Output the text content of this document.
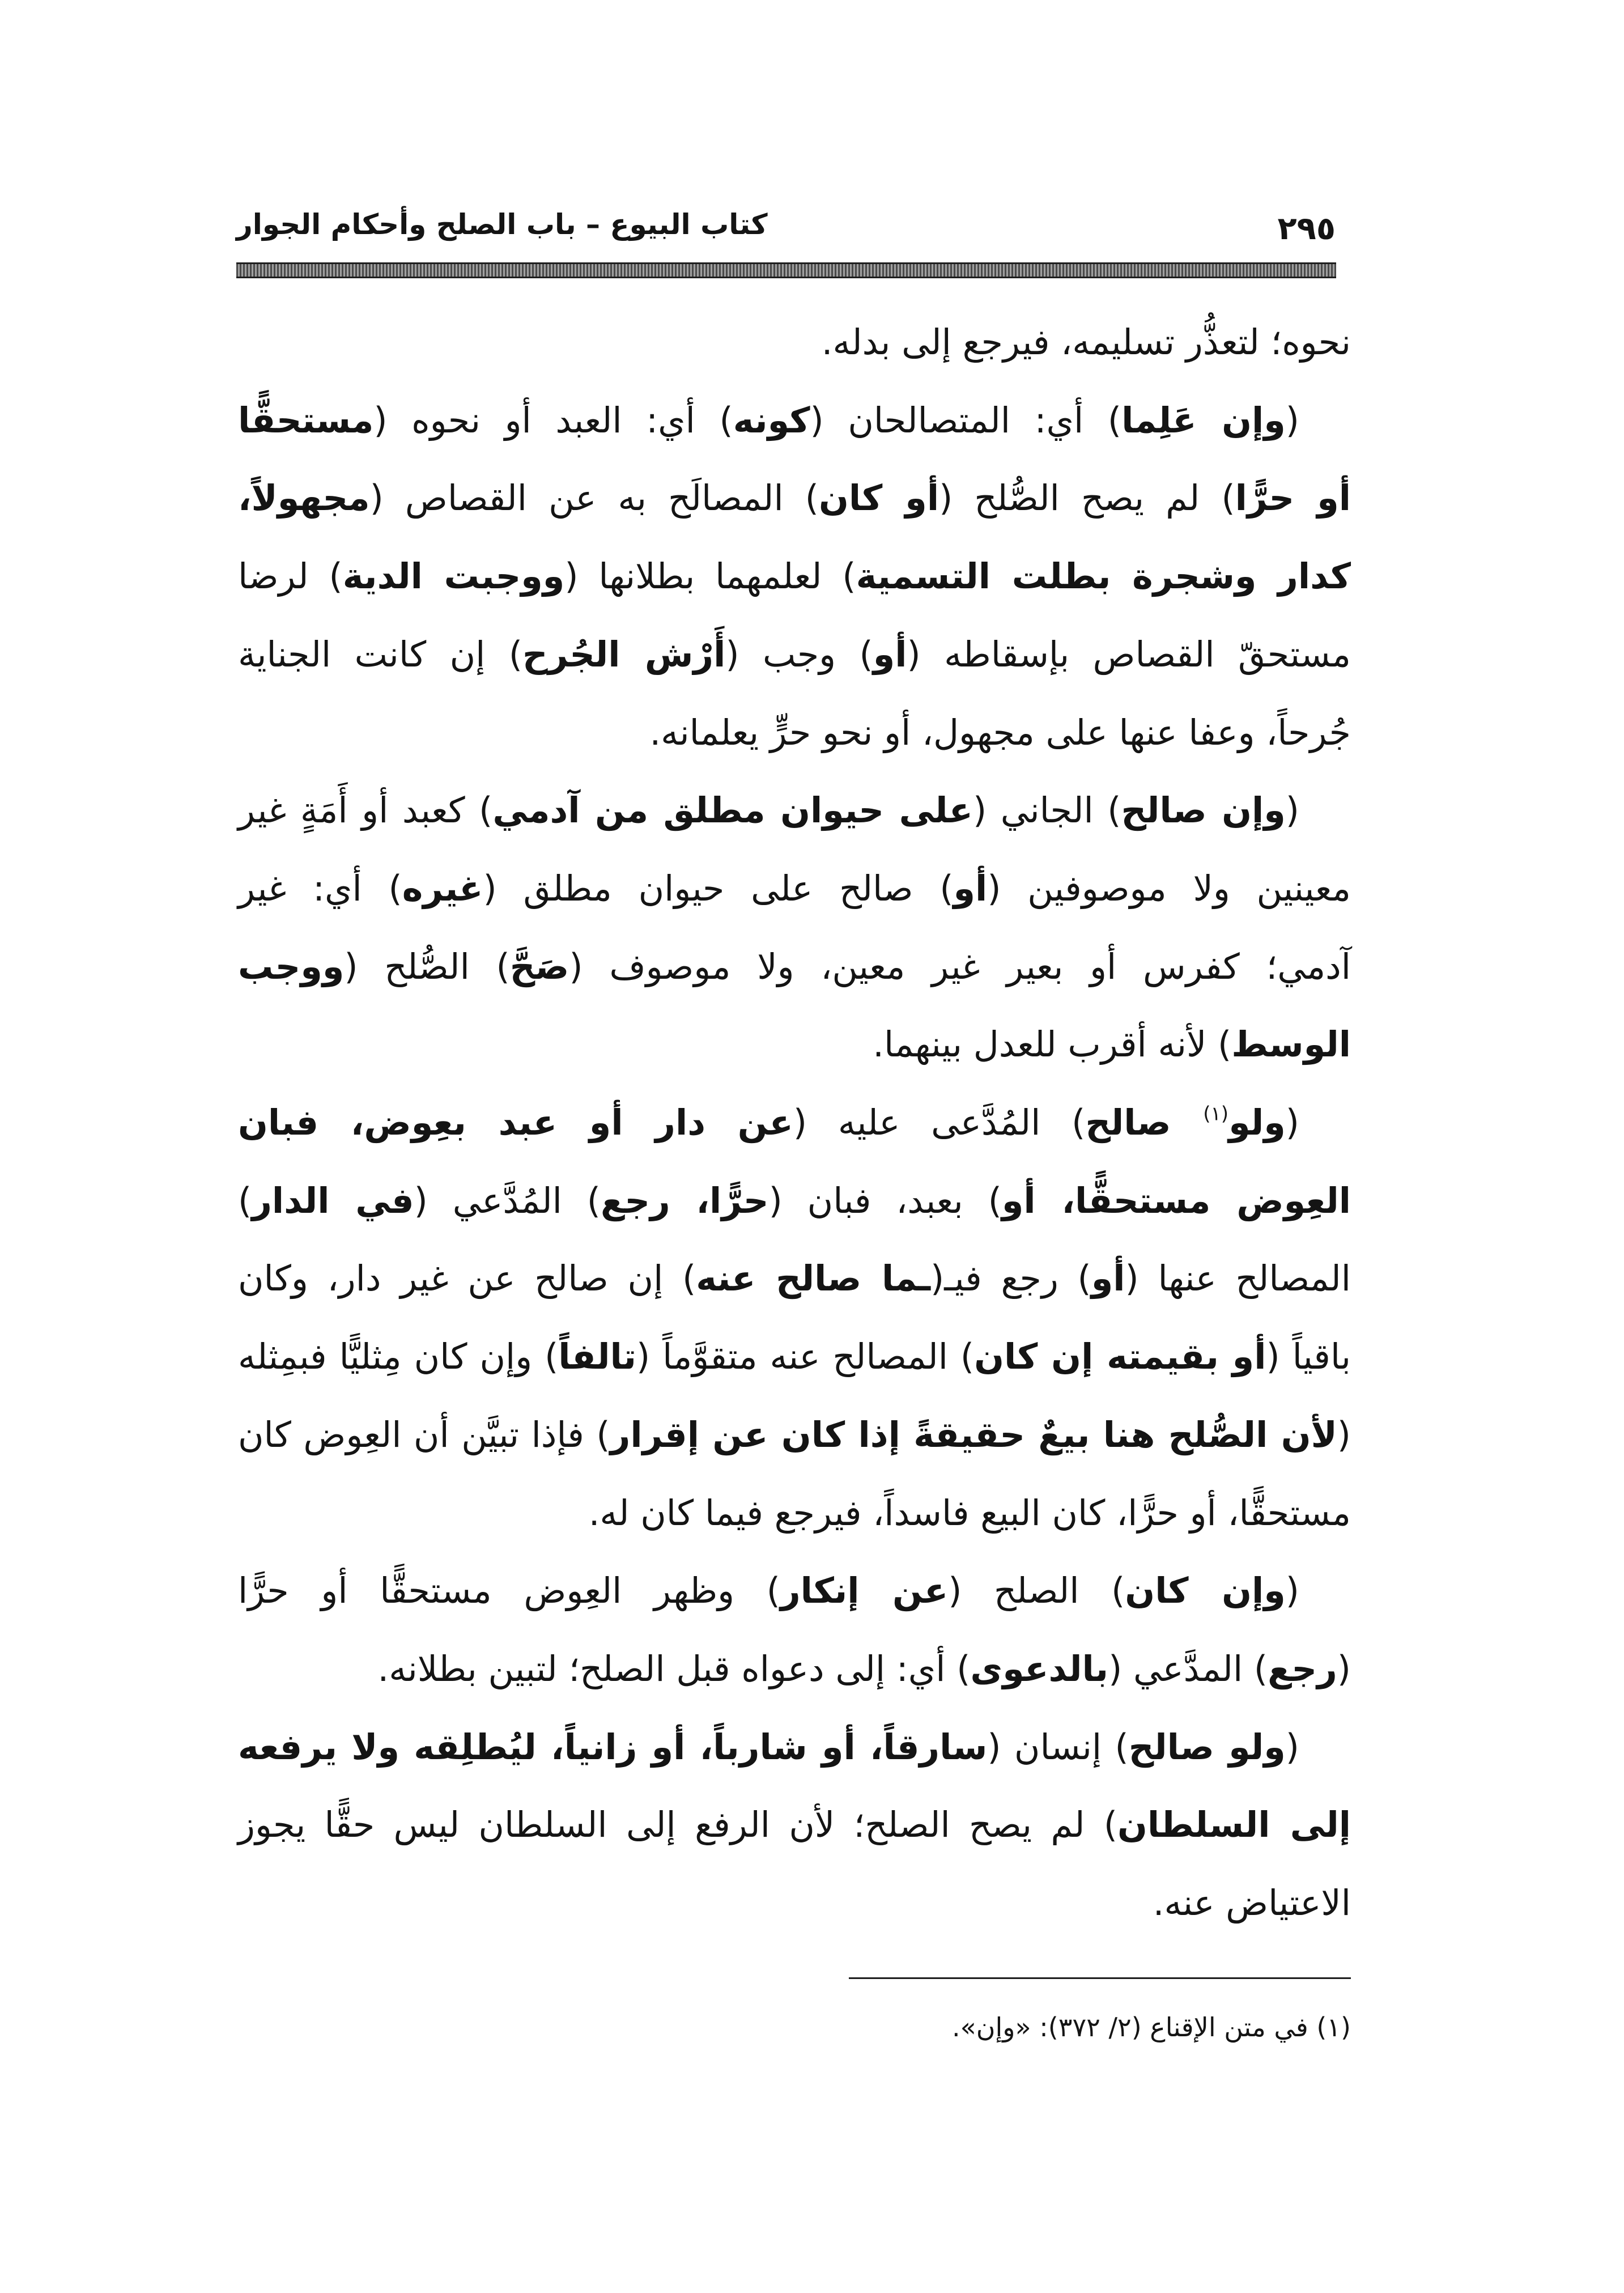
كتاب البيوع – باب الصلح وأحكام الجوار	٢٩٥
نحوه؛ لتعذُّر تسليمه، فيرجع إلى بدله.
(وإن عَلِما) أي: المتصالحان (كونه) أي: العبد أو نحوه (مستحقًّا
أو حرًّا) لم يصح الصُّلح (أو كان) المصالَح به عن القصاص (مجهولاً،
كدار وشجرة بطلت التسمية) لعلمهما بطلانها (ووجبت الدية) لرضا
مستحقّ القصاص بإسقاطه (أو) وجب (أَرْش الجُرح) إن كانت الجناية
جُرحاً، وعفا عنها على مجهول، أو نحو حرٍّ يعلمانه.
(وإن صالح) الجاني (على حيوان مطلق من آدمي) كعبد أو أَمَةٍ غير
معينين ولا موصوفين (أو) صالح على حيوان مطلق (غيره) أي: غير
آدمي؛ كفرس أو بعير غير معين، ولا موصوف (صَحَّ) الصُّلح (ووجب
الوسط) لأنه أقرب للعدل بينهما.
(ولو$^{(١)}$ صالح) المُدَّعى عليه (عن دار أو عبد بعِوض، فبان
العِوض مستحقًّا، أو) بعبد، فبان (حرًّا، رجع) المُدَّعي (في الدار)
المصالح عنها (أو) رجع فيـ(ـما صالح عنه) إن صالح عن غير دار، وكان
باقياً (أو بقيمته إن كان) المصالح عنه متقوَّماً (تالفاً) وإن كان مِثليًّا فبمِثله
(لأن الصُّلح هنا بيعٌ حقيقةً إذا كان عن إقرار) فإذا تبيَّن أن العِوض كان
مستحقًّا، أو حرًّا، كان البيع فاسداً، فيرجع فيما كان له.
(وإن كان) الصلح (عن إنكار) وظهر العِوض مستحقًّا أو حرًّا
(رجع) المدَّعي (بالدعوى) أي: إلى دعواه قبل الصلح؛ لتبين بطلانه.
(ولو صالح) إنسان (سارقاً، أو شارباً، أو زانياً، ليُطلِقه ولا يرفعه
إلى السلطان) لم يصح الصلح؛ لأن الرفع إلى السلطان ليس حقًّا يجوز
الاعتياض عنه.
(١) في متن الإقناع (٢/ ٣٧٢): «وإن».
